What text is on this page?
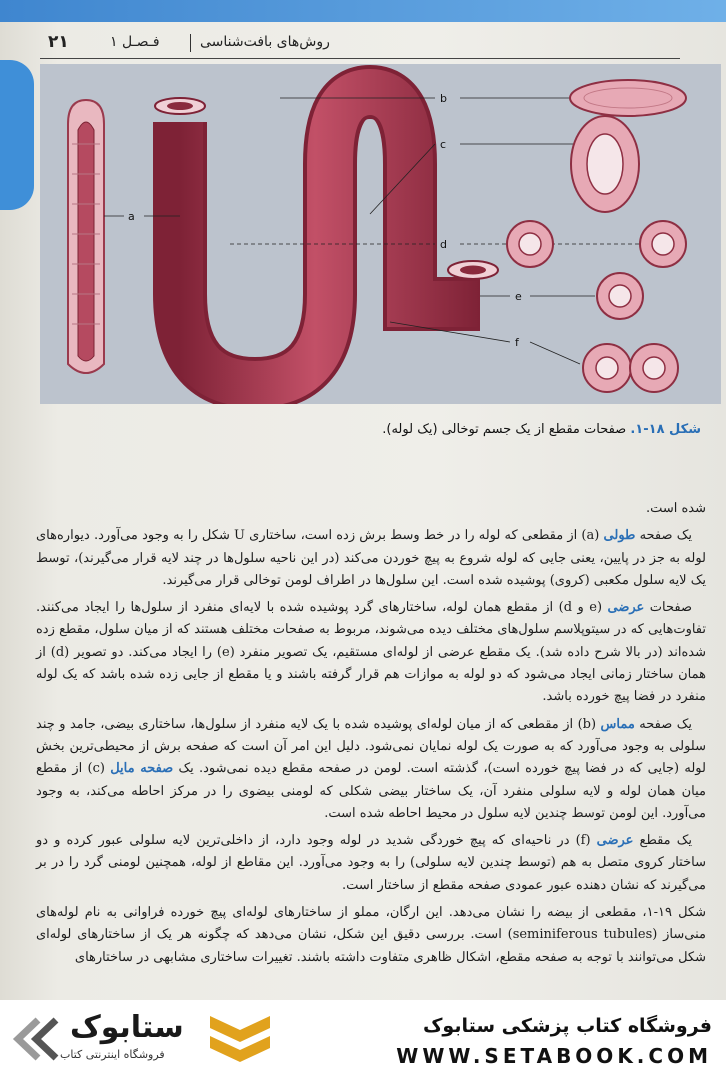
۲۱	فـصـل ۱	روش‌های بافت‌شناسی
a
b
c
d
e
f
شکل ۱۸-۱. صفحات مقطع از یک جسم توخالی (یک لوله).

شده است.

یک صفحه طولی (a) از مقطعی که لوله را در خط وسط برش زده است، ساختاری U شکل را به وجود می‌آورد. دیواره‌های لوله به جز در پایین، یعنی جایی که لوله شروع به پیچ خوردن می‌کند (در این ناحیه سلول‌ها در چند لایه قرار می‌گیرند)، توسط یک لایه سلول مکعبی (کروی) پوشیده شده است. این سلول‌ها در اطراف لومن توخالی قرار می‌گیرند.

صفحات عرضی (e و d) از مقطع همان لوله، ساختارهای گرد پوشیده شده با لایه‌ای منفرد از سلول‌ها را ایجاد می‌کنند. تفاوت‌هایی که در سیتوپلاسم سلول‌های مختلف دیده می‌شوند، مربوط به صفحات مختلف هستند که از میان سلول، مقطع زده شده‌اند (در بالا شرح داده شد). یک مقطع عرضی از لوله‌ای مستقیم، یک تصویر منفرد (e) را ایجاد می‌کند. دو تصویر (d) از همان ساختار زمانی ایجاد می‌شود که دو لوله به موازات هم قرار گرفته باشند و یا مقطع از جایی زده شده باشد که یک لوله منفرد در فضا پیچ خورده باشد.

یک صفحه مماس (b) از مقطعی که از میان لوله‌ای پوشیده شده با یک لایه منفرد از سلول‌ها، ساختاری بیضی، جامد و چند سلولی به وجود می‌آورد که به صورت یک لوله نمایان نمی‌شود. دلیل این امر آن است که صفحه برش از محیطی‌ترین بخش لوله (جایی که در فضا پیچ خورده است)، گذشته است. لومن در صفحه مقطع دیده نمی‌شود. یک صفحه مایل (c) از مقطع میان همان لوله و لایه سلولی منفرد آن، یک ساختار بیضی شکلی که لومنی بیضوی را در مرکز احاطه می‌کند، به وجود می‌آورد. این لومن توسط چندین لایه سلول در محیط احاطه شده است.

یک مقطع عرضی (f) در ناحیه‌ای که پیچ خوردگی شدید در لوله وجود دارد، از داخلی‌ترین لایه سلولی عبور کرده و دو ساختار کروی متصل به هم (توسط چندین لایه سلولی) را به وجود می‌آورد. این مقاطع از لوله، همچنین لومنی گرد را در بر می‌گیرند که نشان دهنده عبور عمودی صفحه مقطع از ساختار است.

شکل ۱۹-۱، مقطعی از بیضه را نشان می‌دهد. این ارگان، مملو از ساختارهای لوله‌ای پیچ خورده فراوانی به نام لوله‌های منی‌ساز (seminiferous tubules) است. بررسی دقیق این شکل، نشان می‌دهد که چگونه هر یک از ساختارهای لوله‌ای شکل می‌توانند با توجه به صفحه مقطع، اشکال ظاهری متفاوت داشته باشند. تغییرات ساختاری مشابهی در ساختارهای

ستابوک
فروشگاه اینترنتی کتاب
فروشگاه کتاب پزشکی ستابوک
WWW.SETABOOK.COM
